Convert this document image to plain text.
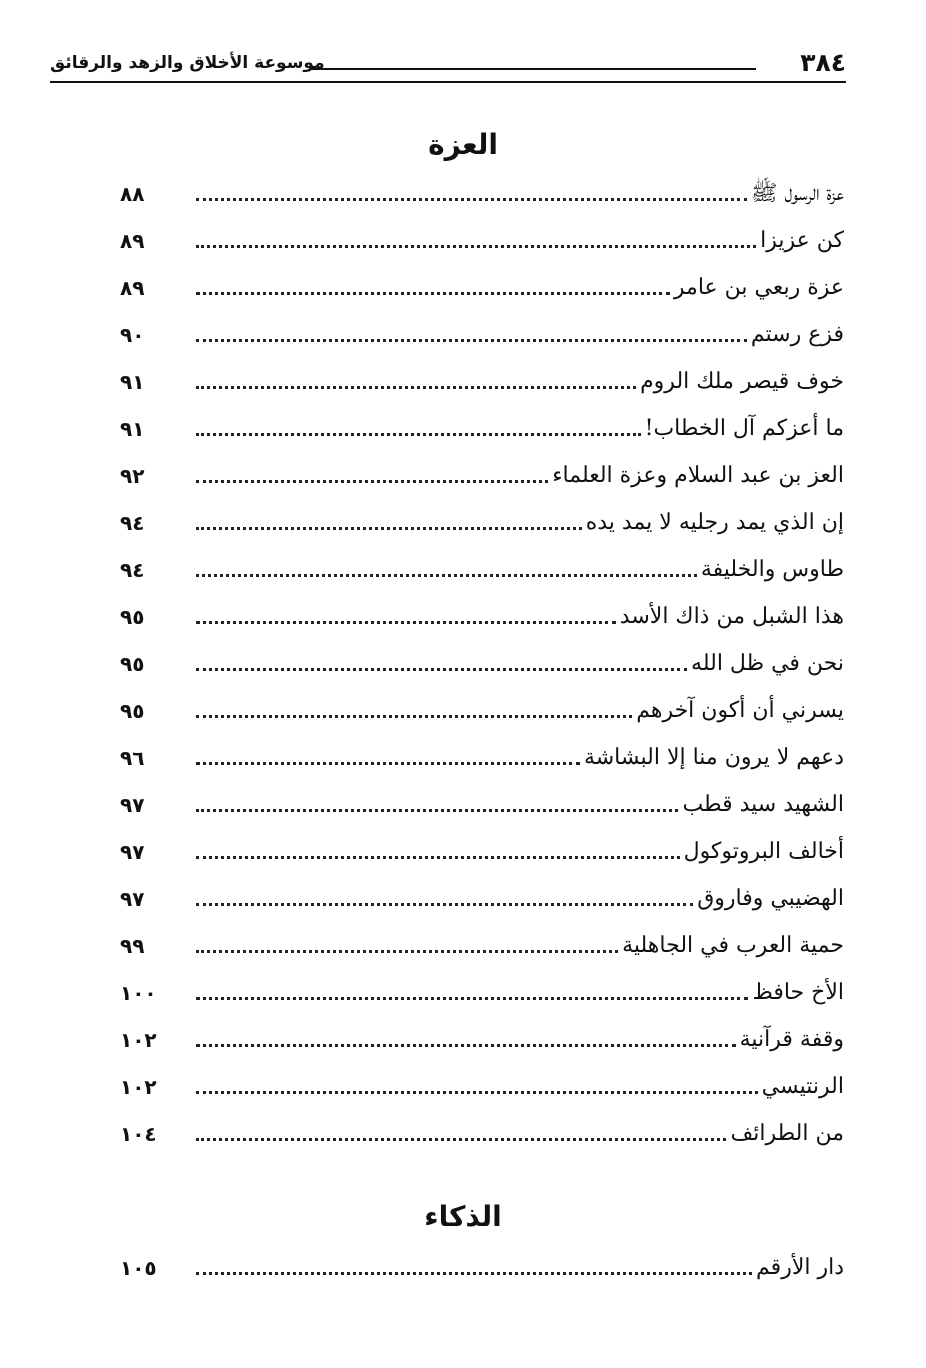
٣٨٤
موسوعة الأخلاق والزهد والرقائق
العزة
عزة الرسول ﷺ
٨٨
كن عزيزا
٨٩
عزة ربعي بن عامر
٨٩
فزع رستم
٩٠
خوف قيصر ملك الروم
٩١
ما أعزكم آل الخطاب!
٩١
العز بن عبد السلام وعزة العلماء
٩٢
إن الذي يمد رجليه لا يمد يده
٩٤
طاوس والخليفة
٩٤
هذا الشبل من ذاك الأسد
٩٥
نحن في ظل الله
٩٥
يسرني أن أكون آخرهم
٩٥
دعهم لا يرون منا إلا البشاشة
٩٦
الشهيد سيد قطب
٩٧
أخالف البروتوكول
٩٧
الهضيبي وفاروق
٩٧
حمية العرب في الجاهلية
٩٩
الأخ حافظ
١٠٠
وقفة قرآنية
١٠٢
الرنتيسي
١٠٢
من الطرائف
١٠٤
الذكاء
دار الأرقم
١٠٥
